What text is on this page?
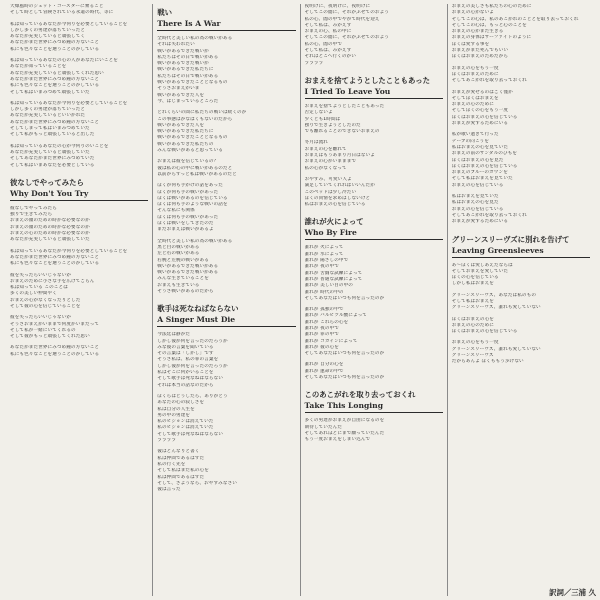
大爆風時のジェット・コースターに乗ること
そして時として冒険されている永遠の時代、等に
私は知っているあなたが今何りを必要としていることを
しかし多くの男達が落ちていったと
あなたが充実していると頑張してく
あなたがまだ世界にみつめ鐘の方ないこと
私にも色々なことを選うことのかしている
私は知っているあなたの心の人があなたにいことを
あなたが知っていることを
あなたが充実していると頑張してくれた思い
あなたがまだ世界にみつめ鐘の方ないこと
私にも色々なことを選うことのかしている
そして私はいまみつめて頑張していた
私は知っているあなたが今何りを必要としていることを
しかし多くの男達が落ちていったと
あなたが充実しているといいかれた
あなたがまだ世界にみつめ鐘の方ないこと
そしてしまって私はいまみつめていた
そして私がもっと頑張していると出した
私は知っているあなたの心が今何りのいことを
あなたが充実していると頑張していた
そしてあなたがまだ世界にみつめていた
そして私はいまあなたを必要としている
彼なしでやってみたら
Why Don't You Try
彼なしでやってみたら
独りで生きてみたら
おまえの頭のための時かな必要なのか
おまえの頭のための時かな必要なのか
おまえの心のための時かな必要なのか
あなたが充実していると頑張していた
私は知っているあなたが今何りを必要としていることを
あなたがまだ世界にみつめ鐘の方ないこと
私にも色々なことを選うことのかしている
彼を失ったらいいじゃないか
おまえのために小さな手を広げてごらん
私は知っている このことは
多くの美しい仲間やく
おまえの心がなくなったりとした
そして彼の心を信じていることを
彼を失ったらいいじゃないか
そうさおまえがいままで何度かいまだって
そして私が一緒にいてくれるの
そして彼がもっと頑張してくれた思い
あなたがまだ世界にみつめ鐘の方ないこと
私にも色々なことを選うことのかしている
戦い
There Is A War
全時代と美しい私の為の戦いがある
それは失われたい
戦いがあるできた戦いが
私たちはその日で戦いがある
戦いがあるできた戦いが
戦いがあるできた私たちに
私たちはその日で戦いがある
戦いがあるできたこととなるもの
そうさおまえがいま
戦いがあるできた人を
今、はじまっているところだ
どれくらいの間に私たちの戦いは続くのか
この事態はかなばくもないのだから
戦いがあるできた人を
戦いがあるできた私たちに
戦いがあるできたこととなるもの
戦いがあるできた私たちの
みんな戦いがあると思っている
おまえは彼を信じているの？
彼は私の心の中に戦いがあるのだと
以前からずっと私は戦いがあるのだと
ぼくが何も手がけの話をあった
ぼくが何も手の戦いがあった
ぼくは戦いがあるのを信じている
ぼくは何も手のような戦いの話を
そんな私にも関係
ぼくは何も手の戦いがあった
ぼくは戦いをしてきたのだ
まだおまえは戦いがあるよ
全時代と美しい私の為の戦いがある
黒と白の戦いがある
左と右の戦いがある
右腕と左腕の戦いがある
戦いがあるできた戦いがある
戦いがあるできた戦いがある
みんな生きていることを
おまえも生きている
そうさ戦いがあるのだから
歌手は死なねばならない
A Singer Must Die
今法廷は静かだ
しかし彼が何を言ったのだろうか
みな彼の言葉を聞いている
その言葉は「しかし」です
そうさ私は、私の罪の言葉を
しかし彼が何を言ったのだろうか
私はそこに何かいることを
そして歌手は死なねばならない
それは本当の話なのだから
ぼくらはどうしたら、ありがとう
あなたの心の寂しさを
私は自分の人生を
男の中の男達を
私のビジョンは消えていた
私のビジョンは消えていた
そして歌手は死なねばならない
ララララ
彼はどんなりと書く
私は仲間であるはずだ
私の行く先を
そして私はまだ私の心を
私は仲間であるはずだ
そして、さようなら、おやすみなさい
彼は言った
夜明けに、夜明けに、夜明けに
そしてこの闇に、それかぶせてのおよう
私の心、闇の中でやがて時代を迎え
そして私は、みかえす
おまえの心、私の中に
そしてこの闇に、それかぶせてのおよう
私の心、闇の中で
そして私は、みかえす
それはどこへ行くのかい
ララララ
おまえを捨てようとしたこともあった
I Tried To Leave You
おまえを捨てようとしたこともあった
否定しないよ
少くとも1時間は
独りで生きようとしたのだ
でも離れることのできないおまえの
冬月は流れ
おまえの心を離れて
おまえはもうあまり月日はないよ
おまえの心がいまままで
私の心がなくなって
おやすみ、可愛い人よ
満足していてくれればいいんだが
このベッドは少し冷たい
ぼくの同情を求めはしないけど
私はおまえの心を信じている
誰れが火によって
Who By Fire
誰れが 火によって
誰れが 水によって
誰れが 陽ざしの中で
誰れが 夜の中で
誰れが 苦闘な試練によって
誰れが 普通な試練によって
誰れが 美しい目の中の
誰れが 時代の中の
そしてあなたはいつも何を言ったのか
誰れが 孤独の中で
誰れが バルビツル酸によって
誰れが これらの心を
誰れが 夜の中で
誰れが 罪の中で
誰れが コカインによって
誰れが 彼の心を
そしてあなたはいつも何を言ったのか
誰れが 自分の心を
誰れが 運命の中で
そしてあなたはいつも何を言ったのか
このあこがれを取り去っておくれ
Take This Longing
多くの男達がおまえが自由になるのを
期待していたんだ
そしてあれほどにまで願っていたんだ
もう一度おまえをしまい込んで
おまえの美しさも私たちの心のために
おまえの心がないよ
そしてこの心は、私のあこがれのこととを取り去っておくれ
そしてこの心は、もっと心のことを
おまえの心がまた生きる
おまえの身体はサーファイトのように
ぼくは愛する事を
おまえがまた死んでもいい
ぼくはおまえのためだから
おまえの心をもう一度
ぼくはおまえのために
そしてあこがれを取り去っておくれ
おまえが愛せるのはごく僅か
そしてぼくはおまえを
おまえの心のために
そしてぼくの心をもう一度
ぼくはおまえの心を信じている
おまえが愛するためにいる
私が歌い過ぎて行った
テーブの向こうを
私はおまえの心を見ていた
おまえの前のサンダルのひもを
ぼくはおまえの心を見た
ぼくはおまえの心を信じている
おまえのブルーのガウンを
そして私はおまえを見ていた
おまえの心を信じている
私はおまえを見ていた
私はおまえの心を見た
おまえの心を信じている
そしてあこがれを取り去っておくれ
おまえが愛するためにいる
グリーンスリーヴズに別れを告げて
Leaving Greensleeves
あ～ぼくは愛しあえたならば
そしておまえを愛していた
ぼくの心を信じている
しかし私はおまえを
グリーンスリーヴズ、あなたは私のもの
そして私はおまえを
グリーンスリーヴズ、誰れも愛していない
ぼくはおまえの心を
おまえの心のために
ぼくはおまえの心を信じている
おまえの心をもう一度
グリーンスリーヴズ、誰れも愛していない
グリーンスリーヴズ
だからあんよ ぼくももう歩けない
訳詞／三浦 久
